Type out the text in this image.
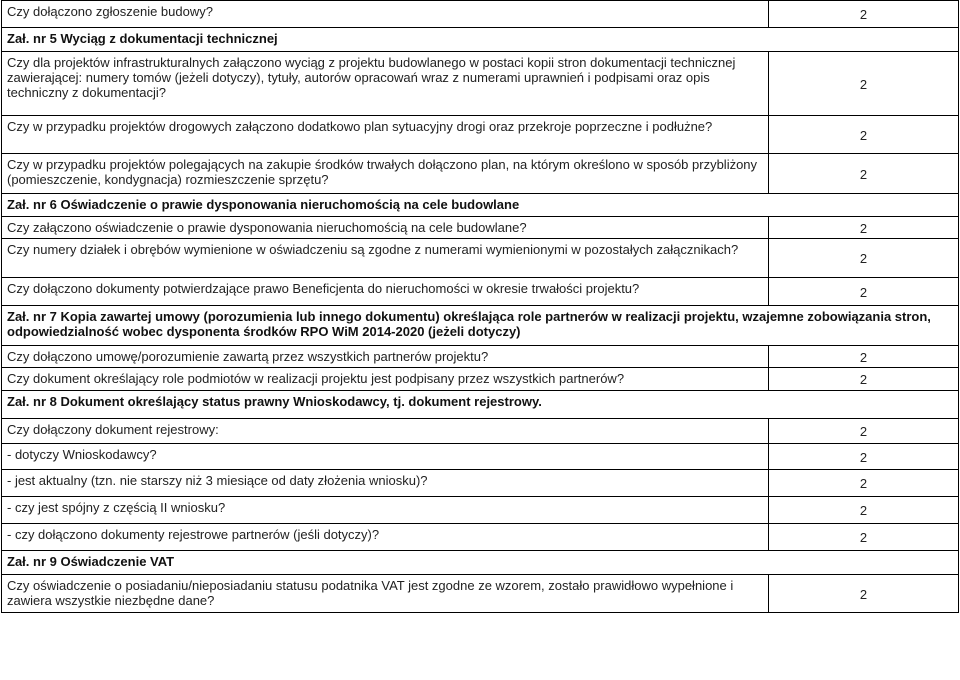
Czy dołączono zgłoszenie budowy?	2
Zał. nr 5 Wyciąg z dokumentacji technicznej	
Czy dla projektów infrastrukturalnych załączono wyciąg z projektu budowlanego w postaci kopii stron dokumentacji technicznej zawierającej: numery tomów (jeżeli dotyczy), tytuły, autorów opracowań wraz z numerami uprawnień i podpisami oraz opis techniczny z dokumentacji?	2
Czy w przypadku projektów drogowych załączono dodatkowo plan sytuacyjny drogi oraz przekroje poprzeczne i podłużne?	2
Czy w przypadku projektów polegających na zakupie środków trwałych dołączono plan, na którym określono w sposób przybliżony (pomieszczenie, kondygnacja) rozmieszczenie sprzętu?	2
Zał. nr 6 Oświadczenie o prawie dysponowania nieruchomością na cele budowlane	
Czy załączono oświadczenie o prawie dysponowania nieruchomością na cele budowlane?	2
Czy numery działek i obrębów wymienione w oświadczeniu są zgodne z numerami wymienionymi w pozostałych załącznikach?	2
Czy dołączono dokumenty potwierdzające prawo Beneficjenta do nieruchomości w okresie trwałości projektu?	2
Zał. nr 7 Kopia zawartej umowy (porozumienia lub innego dokumentu) określająca role partnerów w realizacji projektu, wzajemne zobowiązania stron, odpowiedzialność wobec dysponenta środków RPO WiM 2014-2020 (jeżeli dotyczy)	
Czy dołączono umowę/porozumienie zawartą przez wszystkich partnerów projektu?	2
Czy dokument określający role podmiotów w realizacji projektu jest podpisany przez wszystkich partnerów?	2
Zał. nr 8 Dokument określający status prawny Wnioskodawcy, tj. dokument rejestrowy.	
Czy dołączony dokument rejestrowy:	2
- dotyczy Wnioskodawcy?	2
- jest aktualny (tzn. nie starszy niż 3 miesiące od daty złożenia wniosku)?	2
- czy jest spójny z częścią II wniosku?	2
- czy dołączono dokumenty rejestrowe partnerów (jeśli dotyczy)?	2
Zał. nr 9 Oświadczenie VAT	
Czy oświadczenie o posiadaniu/nieposiadaniu statusu podatnika VAT jest zgodne ze wzorem, zostało prawidłowo wypełnione i zawiera wszystkie niezbędne dane?	2
